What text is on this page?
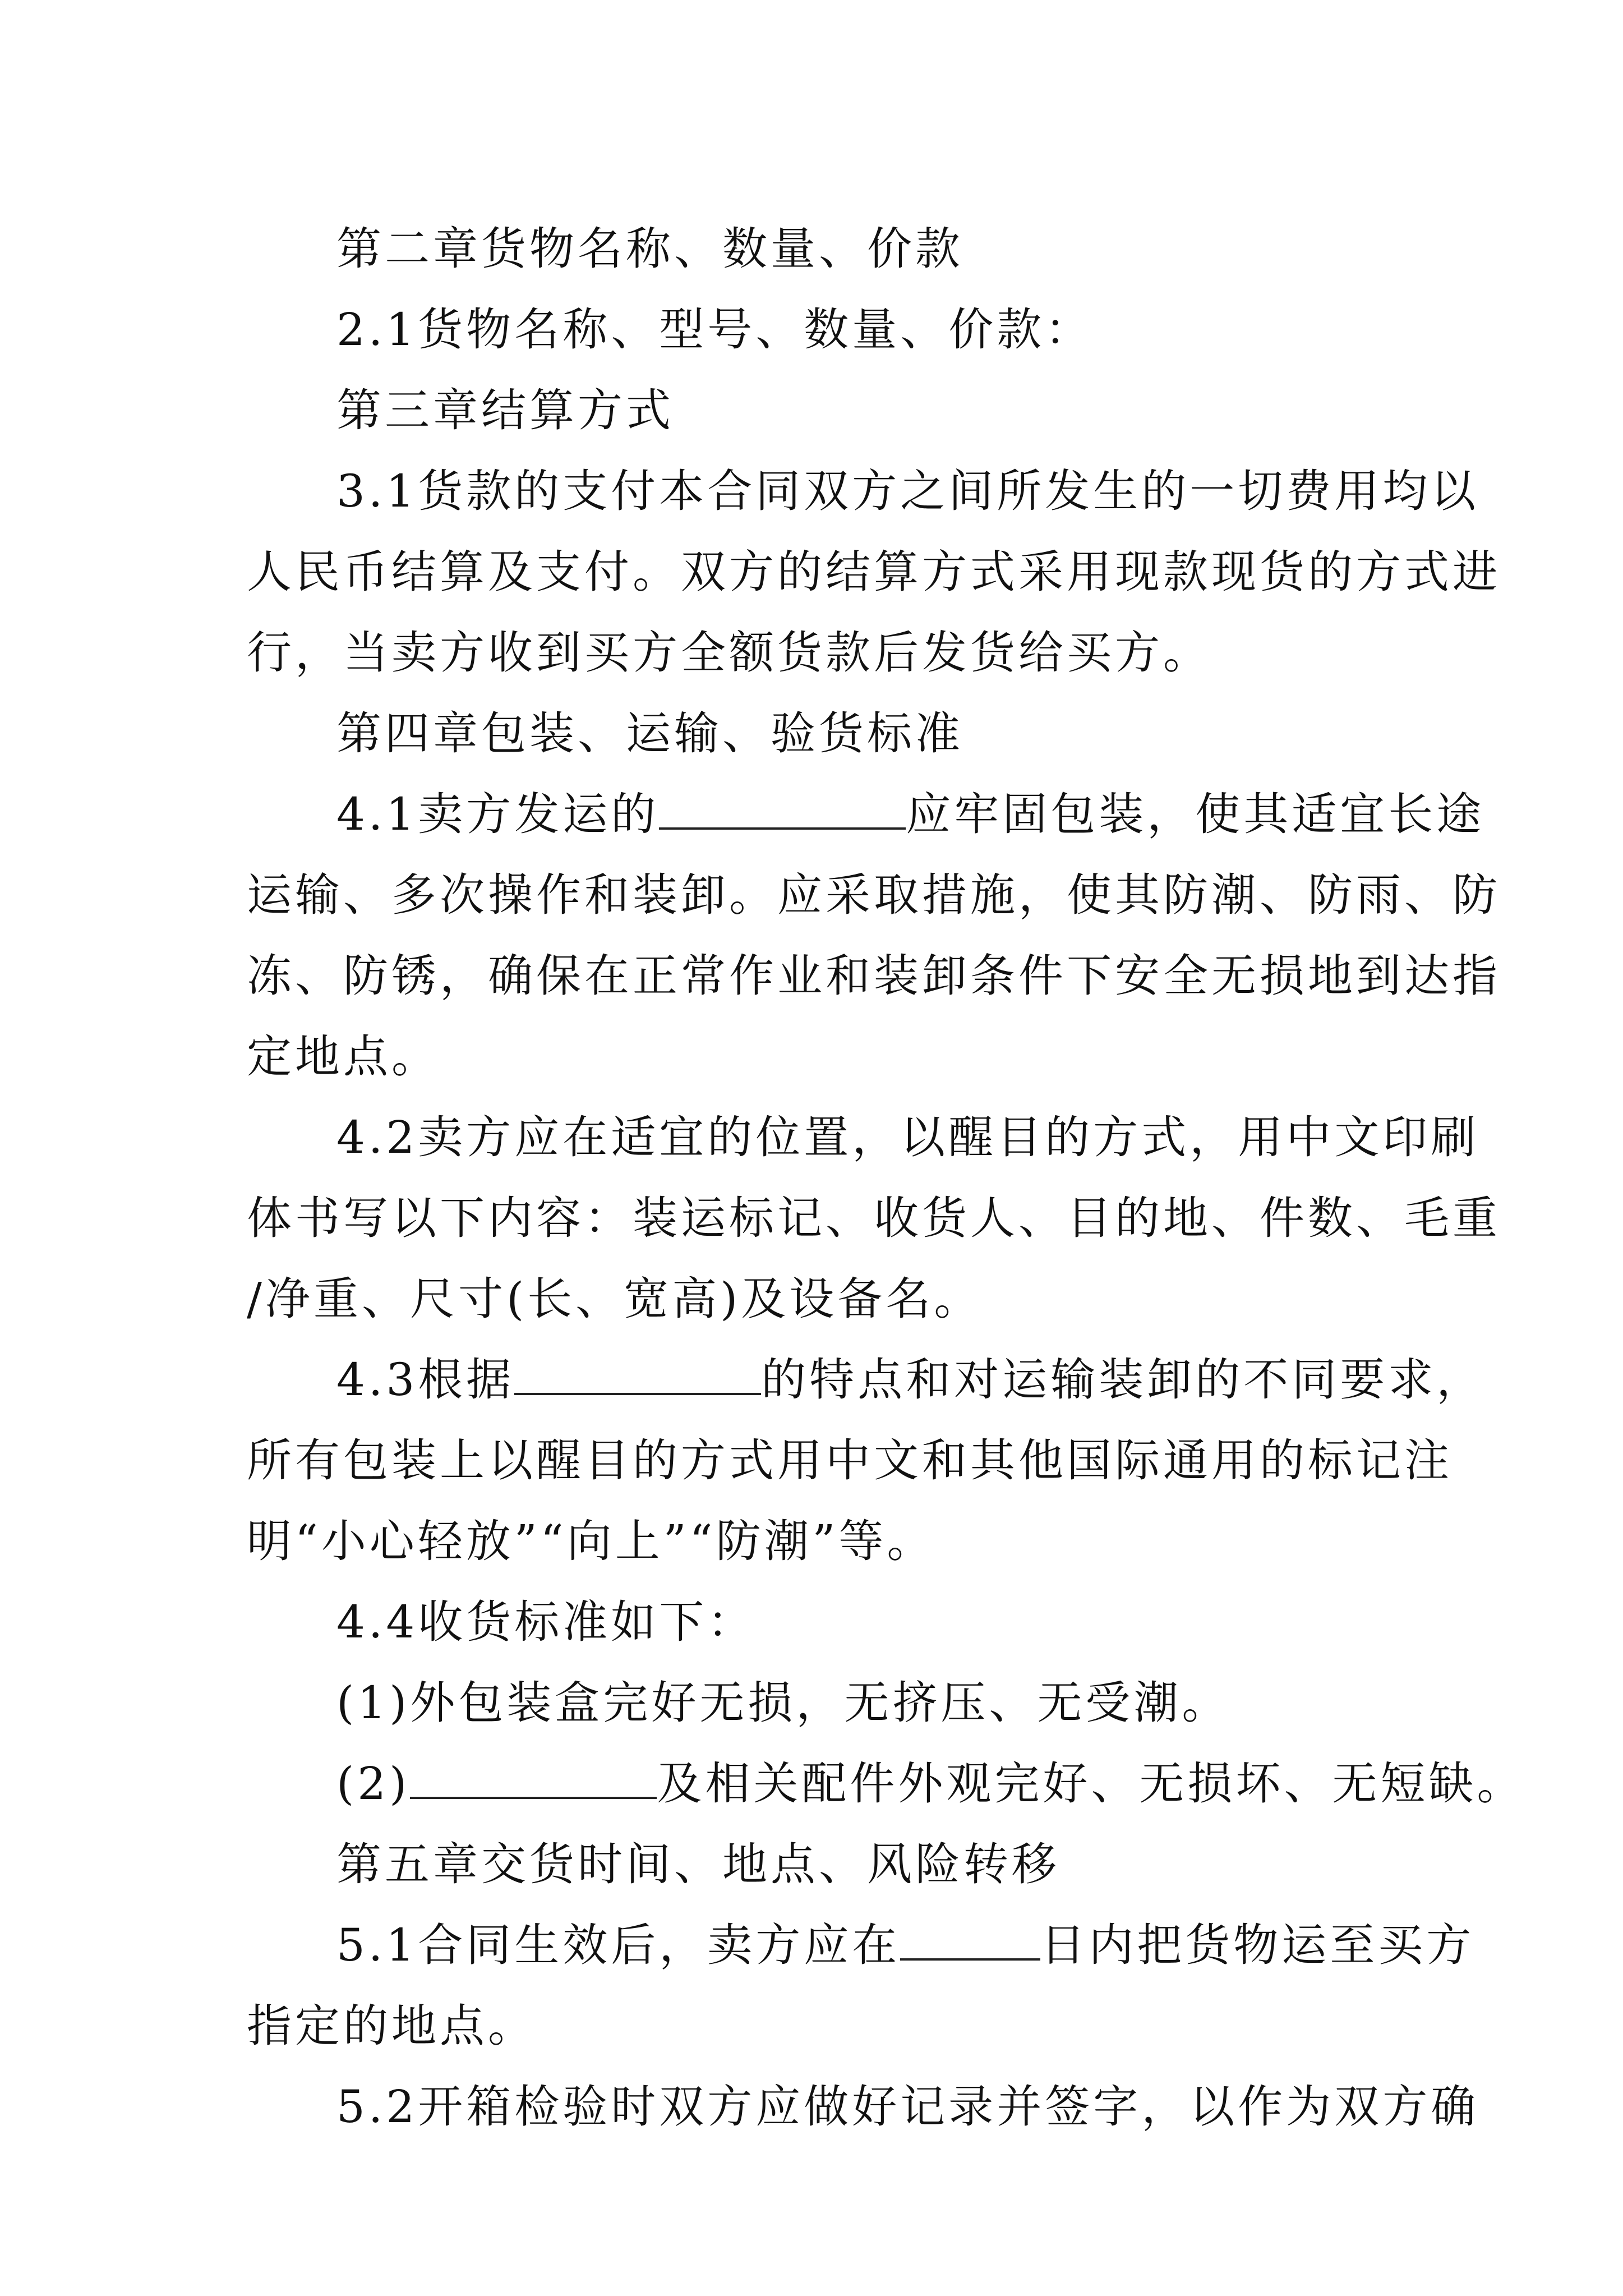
第二章货物名称、数量、价款
2.1货物名称、型号、数量、价款：
第三章结算方式
3.1货款的支付本合同双方之间所发生的一切费用均以
人民币结算及支付。双方的结算方式采用现款现货的方式进
行，当卖方收到买方全额货款后发货给买方。
第四章包装、运输、验货标准
4.1卖方发运的	应牢固包装，使其适宜长途
运输、多次操作和装卸。应采取措施，使其防潮、防雨、防
冻、防锈，确保在正常作业和装卸条件下安全无损地到达指
定地点。
4.2卖方应在适宜的位置，以醒目的方式，用中文印刷
体书写以下内容：装运标记、收货人、目的地、件数、毛重
/净重、尺寸(长、宽高)及设备名。
4.3根据	的特点和对运输装卸的不同要求，
所有包装上以醒目的方式用中文和其他国际通用的标记注
明“小心轻放”“向上”“防潮”等。
4.4收货标准如下：
(1)外包装盒完好无损，无挤压、无受潮。
(2)	及相关配件外观完好、无损坏、无短缺。
第五章交货时间、地点、风险转移
5.1合同生效后，卖方应在	日内把货物运至买方
指定的地点。
5.2开箱检验时双方应做好记录并签字，以作为双方确
